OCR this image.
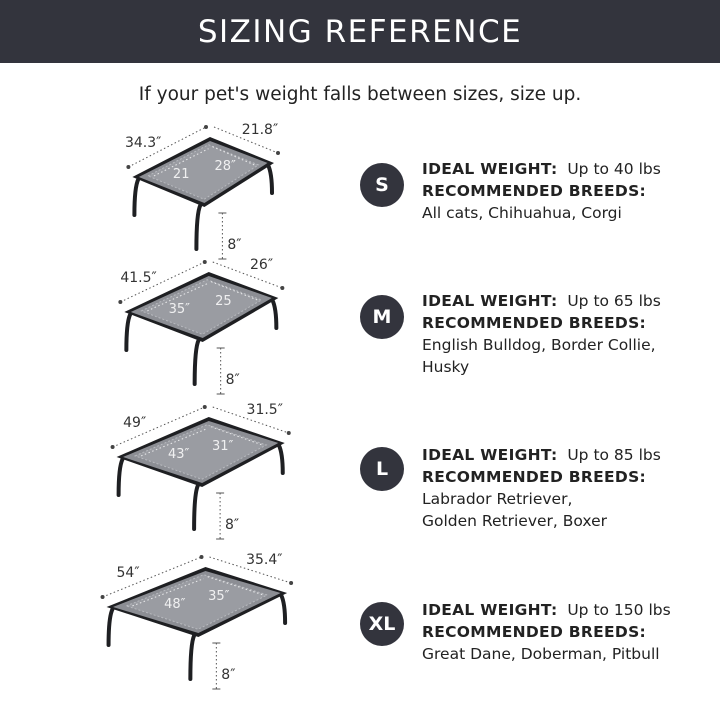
SIZING REFERENCE
If your pet's weight falls between sizes, size up.
34.3″
21.8″
21
28″
8″
S
IDEAL WEIGHT: Up to 40 lbs
RECOMMENDED BREEDS:
All cats, Chihuahua, Corgi
41.5″
26″
35″
25
8″
M
IDEAL WEIGHT: Up to 65 lbs
RECOMMENDED BREEDS:
English Bulldog, Border Collie,
Husky
49″
31.5″
43″
31″
8″
L
IDEAL WEIGHT: Up to 85 lbs
RECOMMENDED BREEDS:
Labrador Retriever,
Golden Retriever, Boxer
54″
35.4″
48″
35″
8″
XL
IDEAL WEIGHT: Up to 150 lbs
RECOMMENDED BREEDS:
Great Dane, Doberman, Pitbull
